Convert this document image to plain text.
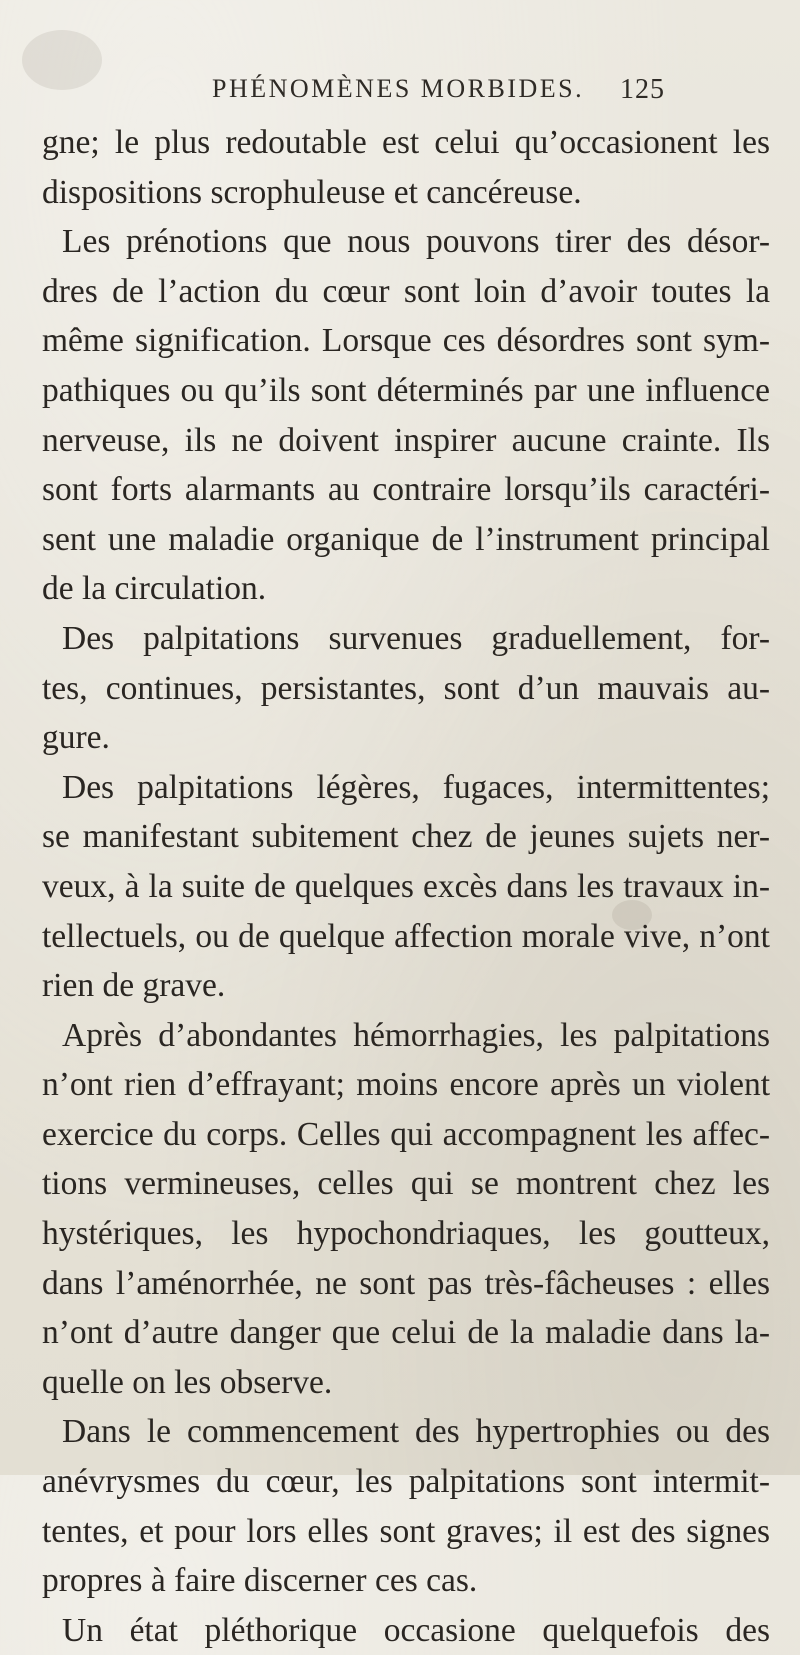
PHÉNOMÈNES MORBIDES. 125
gne; le plus redoutable est celui qu’occasionent les
dispositions scrophuleuse et cancéreuse.
Les prénotions que nous pouvons tirer des désor-
dres de l’action du cœur sont loin d’avoir toutes la
même signification. Lorsque ces désordres sont sym-
pathiques ou qu’ils sont déterminés par une influence
nerveuse, ils ne doivent inspirer aucune crainte. Ils
sont forts alarmants au contraire lorsqu’ils caractéri-
sent une maladie organique de l’instrument principal
de la circulation.
Des palpitations survenues graduellement, for-
tes, continues, persistantes, sont d’un mauvais au-
gure.
Des palpitations légères, fugaces, intermittentes;
se manifestant subitement chez de jeunes sujets ner-
veux, à la suite de quelques excès dans les travaux in-
tellectuels, ou de quelque affection morale vive, n’ont
rien de grave.
Après d’abondantes hémorrhagies, les palpitations
n’ont rien d’effrayant; moins encore après un violent
exercice du corps. Celles qui accompagnent les affec-
tions vermineuses, celles qui se montrent chez les
hystériques, les hypochondriaques, les goutteux,
dans l’aménorrhée, ne sont pas très-fâcheuses : elles
n’ont d’autre danger que celui de la maladie dans la-
quelle on les observe.
Dans le commencement des hypertrophies ou des
anévrysmes du cœur, les palpitations sont intermit-
tentes, et pour lors elles sont graves; il est des signes
propres à faire discerner ces cas.
Un état pléthorique occasione quelquefois des
